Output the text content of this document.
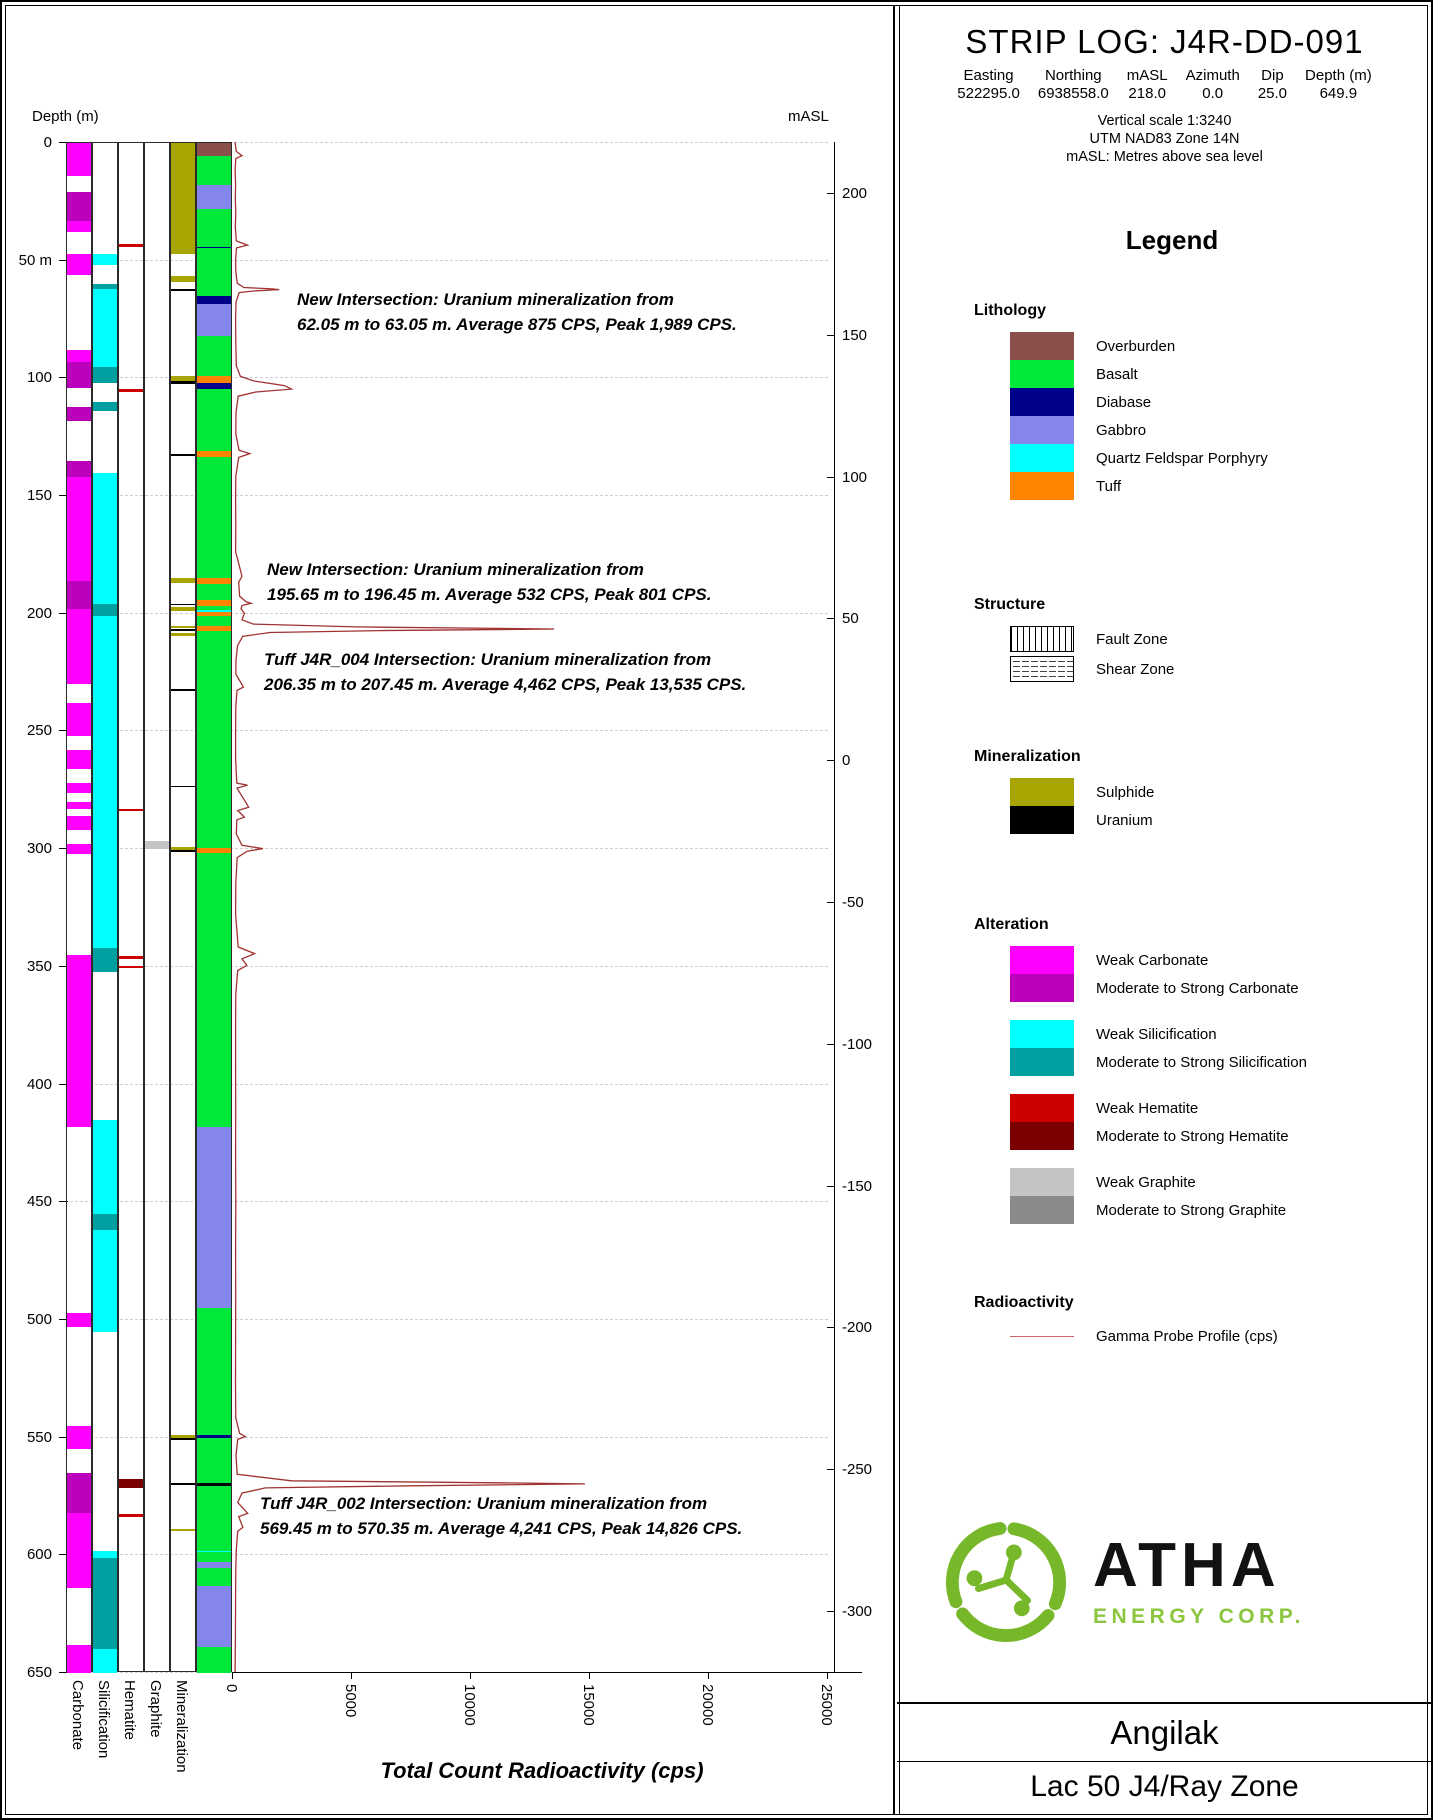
Depth (m)	mASL
0
50 m
100
150
200
250
300
350
400
450
500
550
600
650
Carbonate Silicification Hematite Graphite Mineralization
200
150
100
50
0
-50
-100
-150
-200
-250
-300
0	5000	10000	15000	20000	25000
New Intersection: Uranium mineralization from
62.05 m to 63.05 m. Average 875 CPS, Peak 1,989 CPS.
New Intersection: Uranium mineralization from
195.65 m to 196.45 m. Average 532 CPS, Peak 801 CPS.
Tuff J4R_004 Intersection: Uranium mineralization from
206.35 m to 207.45 m. Average 4,462 CPS, Peak 13,535 CPS.
Tuff J4R_002 Intersection: Uranium mineralization from
569.45 m to 570.35 m. Average 4,241 CPS, Peak 14,826 CPS.
Total Count Radioactivity (cps)
STRIP LOG: J4R-DD-091
Easting
522295.0
Northing
6938558.0
mASL
218.0
Azimuth
0.0
Dip
25.0
Depth (m)
649.9
Vertical scale 1:3240
UTM NAD83 Zone 14N
mASL: Metres above sea level
Legend
Lithology
Overburden
Basalt
Diabase
Gabbro
Quartz Feldspar Porphyry
Tuff
Structure
Fault Zone
Shear Zone
Mineralization
Sulphide
Uranium
Alteration
Weak Carbonate
Moderate to Strong Carbonate
Weak Silicification
Moderate to Strong Silicification
Weak Hematite
Moderate to Strong Hematite
Weak Graphite
Moderate to Strong Graphite
Radioactivity
Gamma Probe Profile (cps)
ATHA
ENERGY CORP.
Angilak
Lac 50 J4/Ray Zone
